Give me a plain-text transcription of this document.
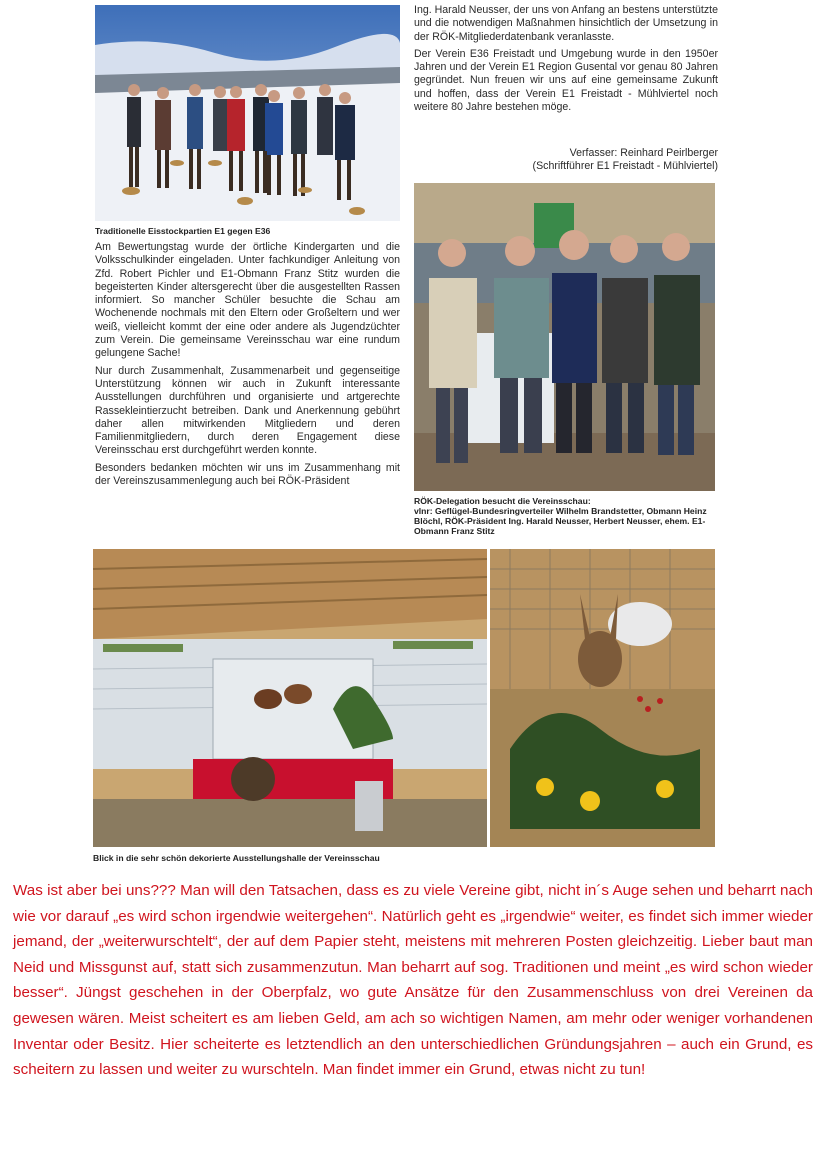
Traditionelle Eisstockpartien E1 gegen E36

Am Bewertungstag wurde der örtliche Kindergarten und die Volksschulkinder eingeladen. Unter fachkundiger Anleitung von Zfd. Robert Pichler und E1-Obmann Franz Stitz wurden die begeisterten Kinder altersgerecht über die ausgestellten Rassen informiert. So mancher Schüler besuchte die Schau am Wochenende nochmals mit den Eltern oder Großeltern und wer weiß, vielleicht kommt der eine oder andere als Jugendzüchter zum Verein. Die gemeinsame Vereinsschau war eine rundum gelungene Sache!

Nur durch Zusammenhalt, Zusammenarbeit und gegenseitige Unterstützung können wir auch in Zukunft interessante Ausstellungen durchführen und organisierte und artgerechte Rassekleintierzucht betreiben. Dank und Anerkennung gebührt daher allen mitwirkenden Mitgliedern und deren Familienmitgliedern, durch deren Engagement diese Vereinsschau erst durchgeführt werden konnte.

Besonders bedanken möchten wir uns im Zusammenhang mit der Vereinszusammenlegung auch bei RÖK-Präsident

Ing. Harald Neusser, der uns von Anfang an bestens unterstützte und die notwendigen Maßnahmen hinsichtlich der Umsetzung in der RÖK-Mitgliederdatenbank veranlasste.

Der Verein E36 Freistadt und Umgebung wurde in den 1950er Jahren und der Verein E1 Region Gusental vor genau 80 Jahren gegründet. Nun freuen wir uns auf eine gemeinsame Zukunft und hoffen, dass der Verein E1 Freistadt - Mühlviertel noch weitere 80 Jahre bestehen möge.

Verfasser: Reinhard Peirlberger
(Schriftführer E1 Freistadt - Mühlviertel)
RÖK-Delegation besucht die Vereinsschau:
vlnr: Geflügel-Bundesringverteiler Wilhelm Brandstetter, Obmann Heinz Blöchl, RÖK-Präsident Ing. Harald Neusser, Herbert Neusser, ehem. E1-Obmann Franz Stitz
Blick in die sehr schön dekorierte Ausstellungshalle der Vereinsschau
Was ist aber bei uns??? Man will den Tatsachen, dass es zu viele Vereine gibt, nicht in´s Auge sehen und beharrt nach wie vor darauf „es wird schon irgendwie weitergehen“. Natürlich geht es „irgendwie“ weiter, es findet sich immer wieder jemand, der „weiterwurschtelt“, der auf dem Papier steht, meistens mit mehreren Posten gleichzeitig. Lieber baut man Neid und Missgunst auf, statt sich zusammenzutun. Man beharrt auf sog. Traditionen und meint „es wird schon wieder besser“. Jüngst geschehen in der Oberpfalz, wo gute Ansätze für den Zusammenschluss von drei Vereinen da gewesen wären. Meist scheitert es am lieben Geld, am ach so wichtigen Namen, am mehr oder weniger vorhandenen Inventar oder Besitz. Hier scheiterte es letztendlich an den unterschiedlichen Gründungsjahren – auch ein Grund, es scheitern zu lassen und weiter zu wurschteln. Man findet immer ein Grund, etwas nicht zu tun!
